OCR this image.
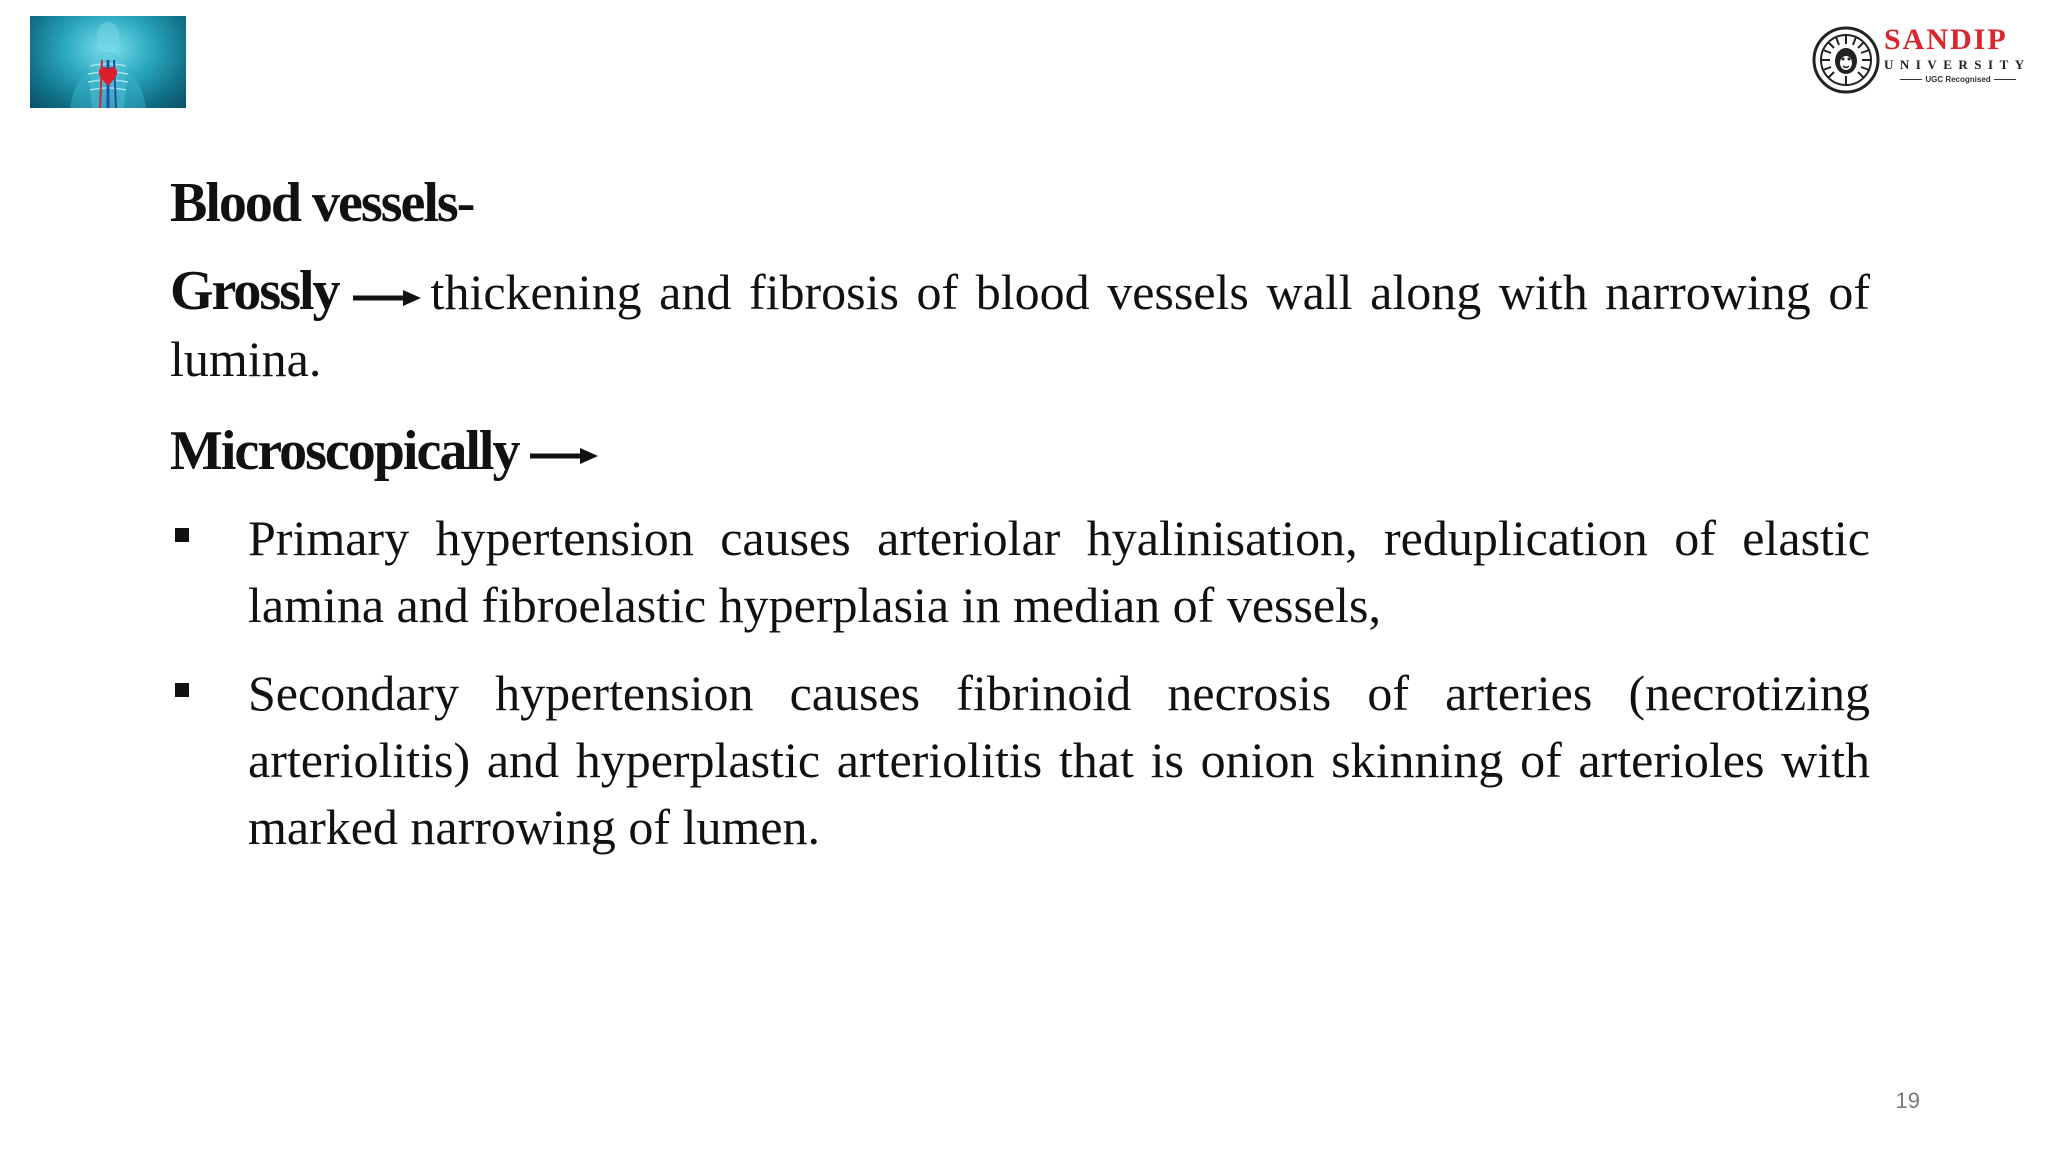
SANDIP
UNIVERSITY
UGC Recognised
Blood vessels-
Grossly thickening and fibrosis of blood vessels wall along with narrowing of lumina.
Microscopically
Primary hypertension causes arteriolar hyalinisation, reduplication of elastic lamina and fibroelastic hyperplasia in median of vessels,
Secondary hypertension causes fibrinoid necrosis of arteries (necrotizing arteriolitis) and hyperplastic arteriolitis that is onion skinning of arterioles with marked narrowing of lumen.
19
